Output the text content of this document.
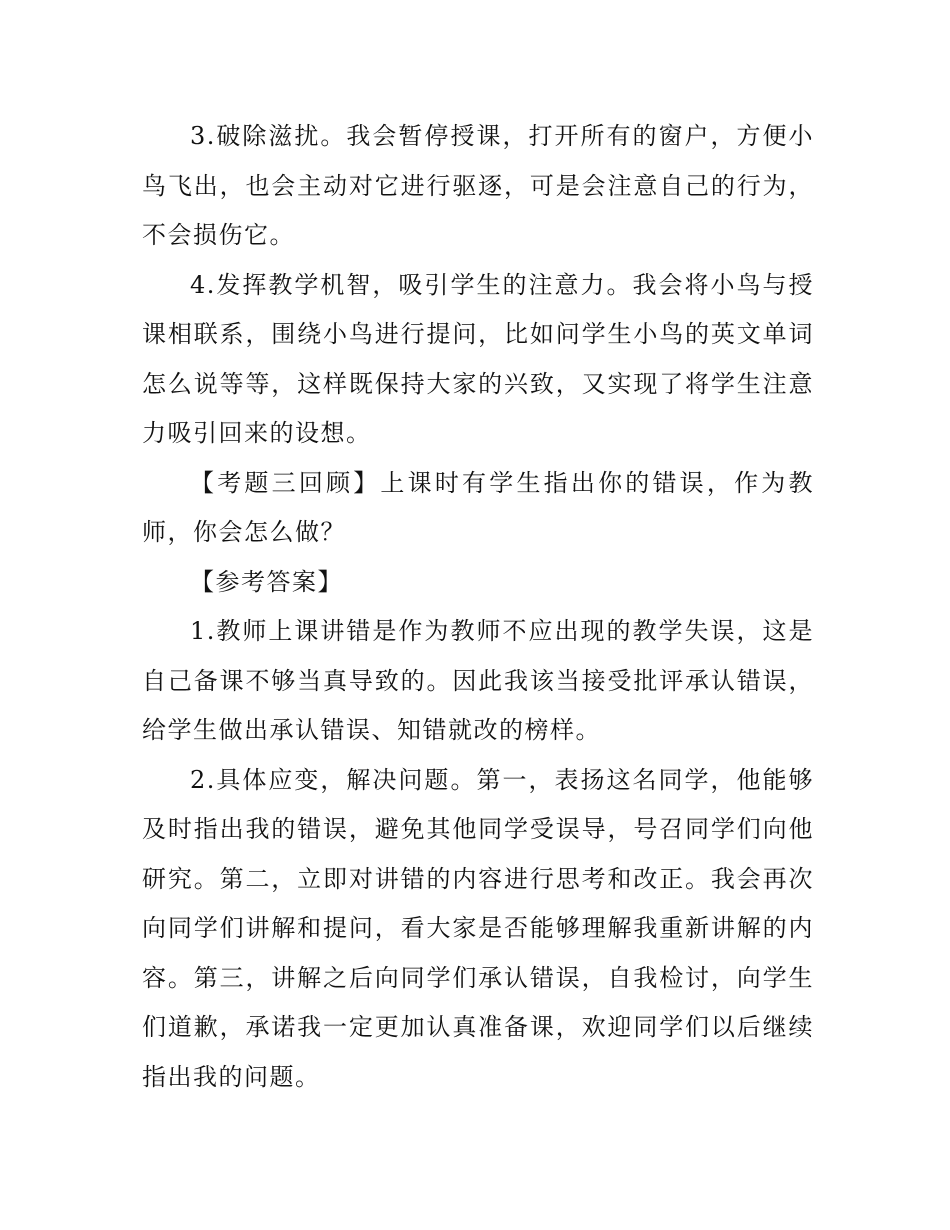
3.破除滋扰。我会暂停授课，打开所有的窗户，方便小鸟飞出，也会主动对它进行驱逐，可是会注意自己的行为，不会损伤它。

4.发挥教学机智，吸引学生的注意力。我会将小鸟与授课相联系，围绕小鸟进行提问，比如问学生小鸟的英文单词怎么说等等，这样既保持大家的兴致，又实现了将学生注意力吸引回来的设想。

【考题三回顾】上课时有学生指出你的错误，作为教师，你会怎么做？

【参考答案】

1.教师上课讲错是作为教师不应出现的教学失误，这是自己备课不够当真导致的。因此我该当接受批评承认错误，给学生做出承认错误、知错就改的榜样。

2.具体应变，解决问题。第一，表扬这名同学，他能够及时指出我的错误，避免其他同学受误导，号召同学们向他研究。第二，立即对讲错的内容进行思考和改正。我会再次向同学们讲解和提问，看大家是否能够理解我重新讲解的内容。第三，讲解之后向同学们承认错误，自我检讨，向学生们道歉，承诺我一定更加认真准备课，欢迎同学们以后继续指出我的问题。
